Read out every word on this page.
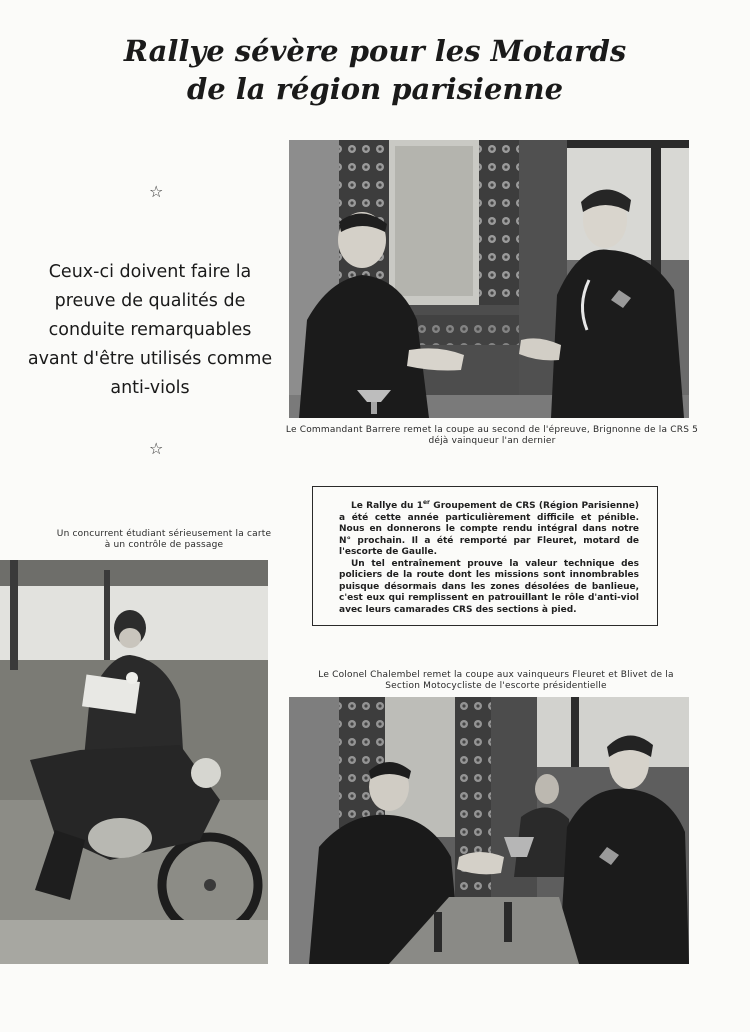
Rallye sévère pour les Motards
de la région parisienne
☆
☆
Ceux-ci doivent faire la preuve de qualités de conduite remarquables avant d'être utilisés comme anti-viols
Le Commandant Barrere remet la coupe au second de l'épreuve, Brignonne de la CRS 5 déjà vainqueur l'an dernier
Un concurrent étudiant sérieusement la carte à un contrôle de passage

Le Rallye du 1er Groupement de CRS (Région Parisienne) a été cette année particulièrement difficile et pénible. Nous en donnerons le compte rendu intégral dans notre N° prochain. Il a été remporté par Fleuret, motard de l'escorte de Gaulle.

Un tel entraînement prouve la valeur technique des policiers de la route dont les missions sont innombrables puisque désormais dans les zones désolées de banlieue, c'est eux qui remplissent en patrouillant le rôle d'anti-viol avec leurs camarades CRS des sections à pied.

Le Colonel Chalembel remet la coupe aux vainqueurs Fleuret et Blivet de la Section Motocycliste de l'escorte présidentielle
